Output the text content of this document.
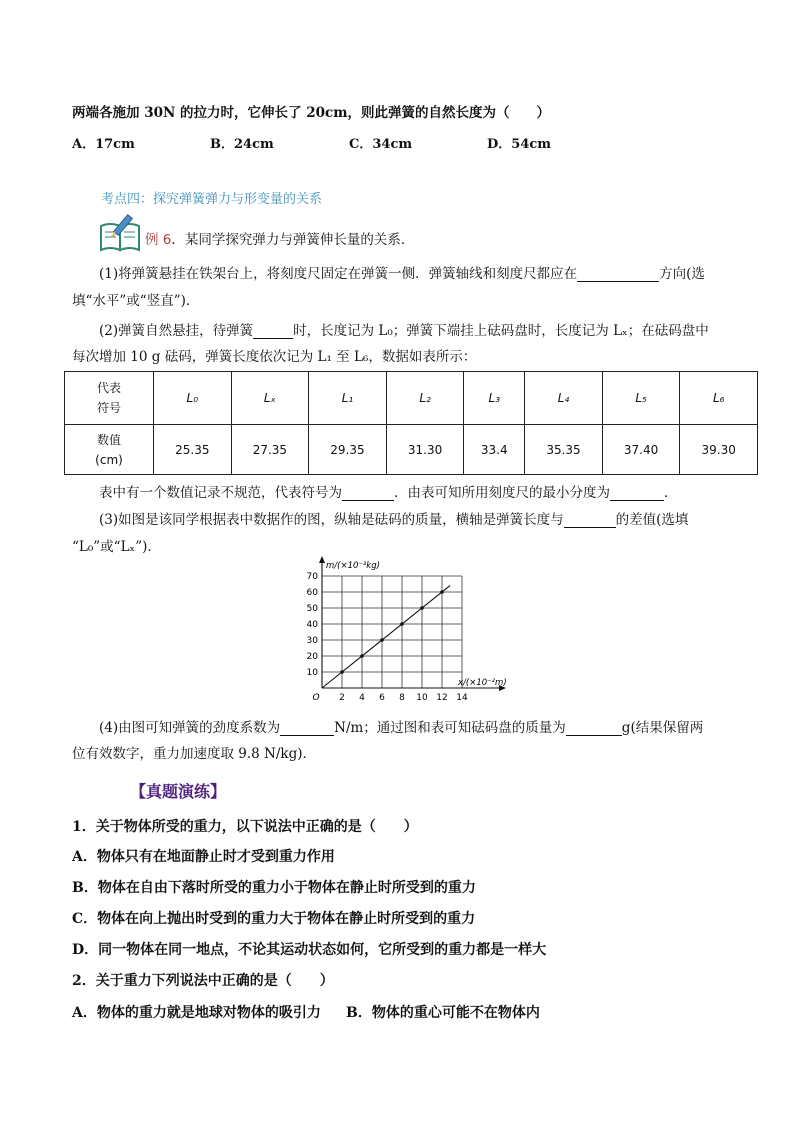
两端各施加 30N 的拉力时，它伸长了 20cm，则此弹簧的自然长度为（　　）
A．17cm	B．24cm	C．34cm	D．54cm
考点四：探究弹簧弹力与形变量的关系
例 6．某同学探究弹力与弹簧伸长量的关系．
(1)将弹簧悬挂在铁架台上，将刻度尺固定在弹簧一侧．弹簧轴线和刻度尺都应在	方向(选
填“水平”或“竖直”)．
(2)弹簧自然悬挂，待弹簧	时，长度记为 L₀；弹簧下端挂上砝码盘时，长度记为 Lₓ；在砝码盘中
每次增加 10 g 砝码，弹簧长度依次记为 L₁ 至 L₆，数据如表所示：
代表
符号	L₀	Lₓ	L₁	L₂	L₃	L₄	L₅	L₆

数值
(cm)	25.35	27.35	29.35	31.30	33.4	35.35	37.40	39.30
表中有一个数值记录不规范，代表符号为	．由表可知所用刻度尺的最小分度为	．
(3)如图是该同学根据表中数据作的图，纵轴是砝码的质量，横轴是弹簧长度与	的差值(选填
“L₀”或“Lₓ”)．
2 4 6 8 10 12 14
10
20
30
40
50
60
70
O
m/(×10⁻³kg)
x/(×10⁻²m)
(4)由图可知弹簧的劲度系数为	N/m；通过图和表可知砝码盘的质量为	g(结果保留两
位有效数字，重力加速度取 9.8 N/kg)．
【真题演练】
1．关于物体所受的重力，以下说法中正确的是（　　）
A．物体只有在地面静止时才受到重力作用
B．物体在自由下落时所受的重力小于物体在静止时所受到的重力
C．物体在向上抛出时受到的重力大于物体在静止时所受到的重力
D．同一物体在同一地点，不论其运动状态如何，它所受到的重力都是一样大
2．关于重力下列说法中正确的是（　　）
A．物体的重力就是地球对物体的吸引力 B．物体的重心可能不在物体内
